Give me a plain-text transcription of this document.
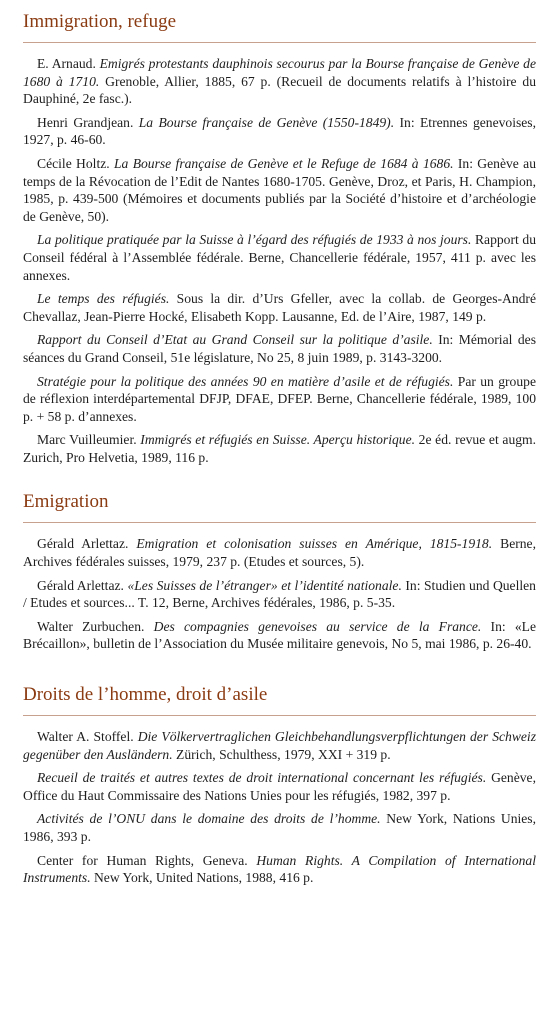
Immigration, refuge

E. Arnaud. Emigrés protestants dauphinois secourus par la Bourse française de Genève de 1680 à 1710. Grenoble, Allier, 1885, 67 p. (Recueil de documents relatifs à l’histoire du Dauphiné, 2e fasc.).

Henri Grandjean. La Bourse française de Genève (1550-1849). In: Etrennes genevoises, 1927, p. 46-60.

Cécile Holtz. La Bourse française de Genève et le Refuge de 1684 à 1686. In: Genève au temps de la Révocation de l’Edit de Nantes 1680-1705. Genève, Droz, et Paris, H. Champion, 1985, p. 439-500 (Mémoires et documents publiés par la Société d’histoire et d’archéologie de Genève, 50).

La politique pratiquée par la Suisse à l’égard des réfugiés de 1933 à nos jours. Rapport du Conseil fédéral à l’Assemblée fédérale. Berne, Chancellerie fédérale, 1957, 411 p. avec les annexes.

Le temps des réfugiés. Sous la dir. d’Urs Gfeller, avec la collab. de Georges-André Chevallaz, Jean-Pierre Hocké, Elisabeth Kopp. Lausanne, Ed. de l’Aire, 1987, 149 p.

Rapport du Conseil d’Etat au Grand Conseil sur la politique d’asile. In: Mémorial des séances du Grand Conseil, 51e législature, No 25, 8 juin 1989, p. 3143-3200.

Stratégie pour la politique des années 90 en matière d’asile et de réfugiés. Par un groupe de réflexion interdépartemental DFJP, DFAE, DFEP. Berne, Chancellerie fédérale, 1989, 100 p. + 58 p. d’annexes.

Marc Vuilleumier. Immigrés et réfugiés en Suisse. Aperçu historique. 2e éd. revue et augm. Zurich, Pro Helvetia, 1989, 116 p.

Emigration

Gérald Arlettaz. Emigration et colonisation suisses en Amérique, 1815-1918. Berne, Archives fédérales suisses, 1979, 237 p. (Etudes et sources, 5).

Gérald Arlettaz. «Les Suisses de l’étranger» et l’identité nationale. In: Studien und Quellen / Etudes et sources... T. 12, Berne, Archives fédérales, 1986, p. 5-35.

Walter Zurbuchen. Des compagnies genevoises au service de la France. In: «Le Brécaillon», bulletin de l’Association du Musée militaire genevois, No 5, mai 1986, p. 26-40.

Droits de l’homme, droit d’asile

Walter A. Stoffel. Die Völkervertraglichen Gleichbehandlungsverpflichtungen der Schweiz gegenüber den Ausländern. Zürich, Schulthess, 1979, XXI + 319 p.

Recueil de traités et autres textes de droit international concernant les réfugiés. Genève, Office du Haut Commissaire des Nations Unies pour les réfugiés, 1982, 397 p.

Activités de l’ONU dans le domaine des droits de l’homme. New York, Nations Unies, 1986, 393 p.

Center for Human Rights, Geneva. Human Rights. A Compilation of International Instruments. New York, United Nations, 1988, 416 p.
